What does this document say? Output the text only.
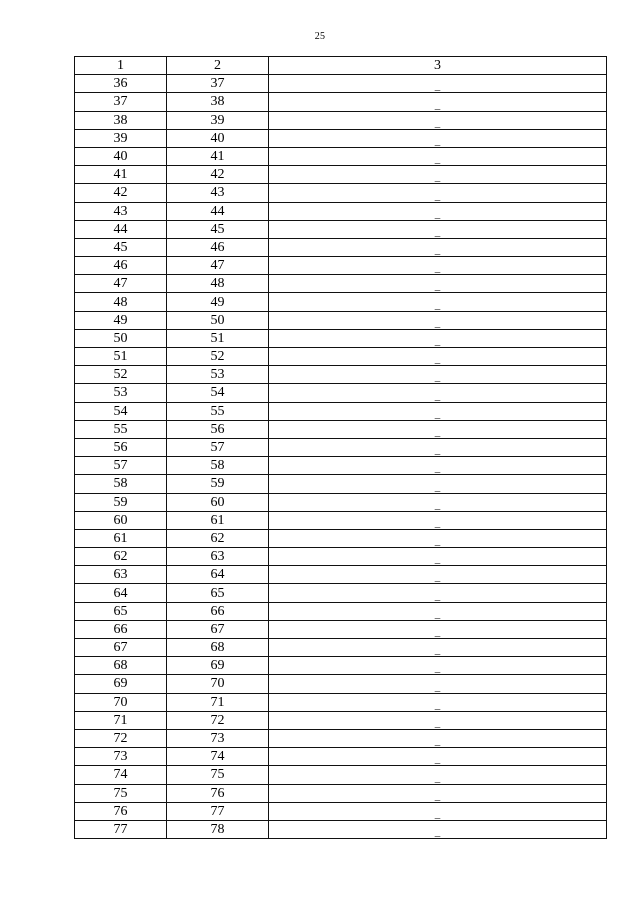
25
1	2	3
36	37	_
37	38	_
38	39	_
39	40	_
40	41	_
41	42	_
42	43	_
43	44	_
44	45	_
45	46	_
46	47	_
47	48	_
48	49	_
49	50	_
50	51	_
51	52	_
52	53	_
53	54	_
54	55	_
55	56	_
56	57	_
57	58	_
58	59	_
59	60	_
60	61	_
61	62	_
62	63	_
63	64	_
64	65	_
65	66	_
66	67	_
67	68	_
68	69	_
69	70	_
70	71	_
71	72	_
72	73	_
73	74	_
74	75	_
75	76	_
76	77	_
77	78	_
